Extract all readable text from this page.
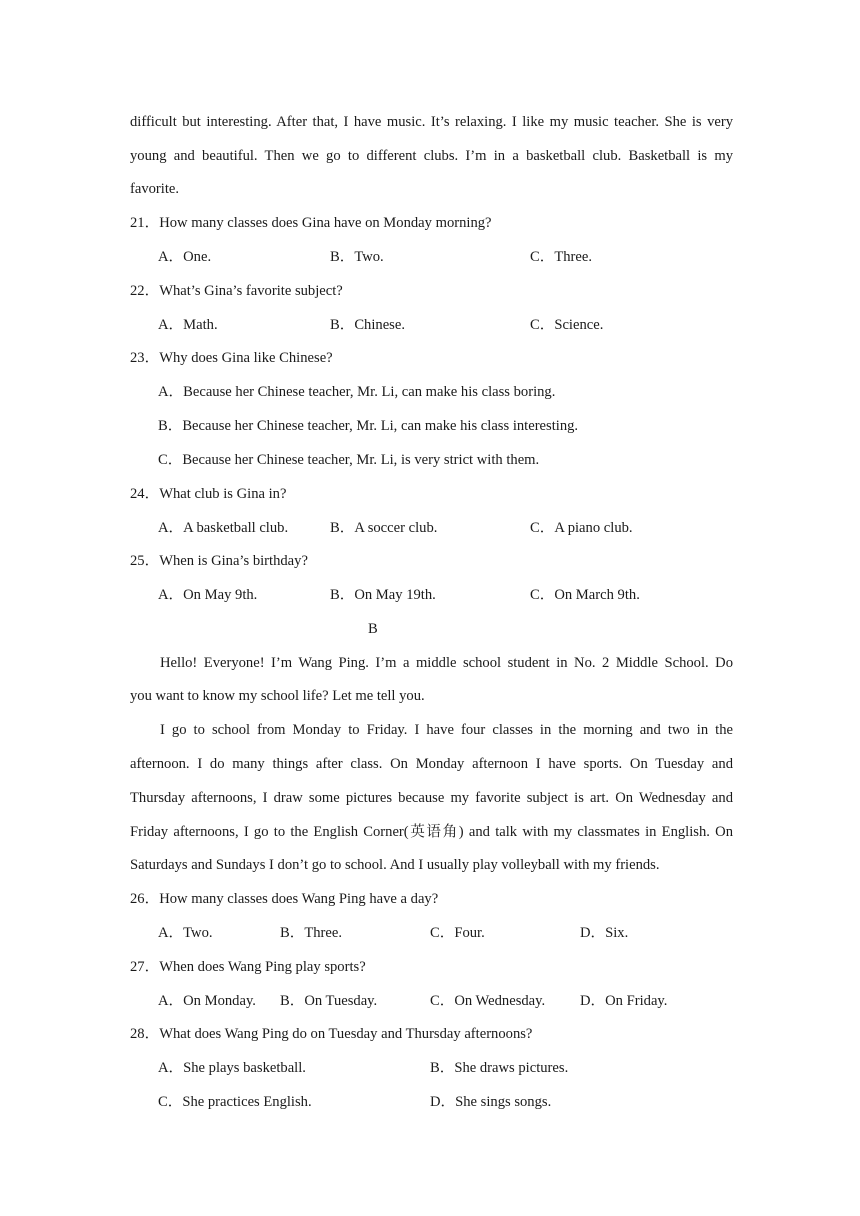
difficult but interesting. After that, I have music. It’s relaxing. I like my music teacher. She is very
young and beautiful. Then we go to different clubs. I’m in a basketball club. Basketball is my
favorite.
21．How many classes does Gina have on Monday morning?
A．One.	B．Two.	C．Three.
22．What’s Gina’s favorite subject?
A．Math.	B．Chinese.	C．Science.
23．Why does Gina like Chinese?
A．Because her Chinese teacher, Mr. Li, can make his class boring.
B．Because her Chinese teacher, Mr. Li, can make his class interesting.
C．Because her Chinese teacher, Mr. Li, is very strict with them.
24．What club is Gina in?
A．A basketball club.	B．A soccer club.	C．A piano club.
25．When is Gina’s birthday?
A．On May 9th.	B．On May 19th.	C．On March 9th.
B
Hello! Everyone! I’m Wang Ping. I’m a middle school student in No. 2 Middle School. Do
you want to know my school life? Let me tell you.
I go to school from Monday to Friday. I have four classes in the morning and two in the
afternoon. I do many things after class. On Monday afternoon I have sports. On Tuesday and
Thursday afternoons, I draw some pictures because my favorite subject is art. On Wednesday and
Friday afternoons, I go to the English Corner(英语角) and talk with my classmates in English. On
Saturdays and Sundays I don’t go to school. And I usually play volleyball with my friends.
26．How many classes does Wang Ping have a day?
A．Two.	B．Three.	C．Four.	D．Six.
27．When does Wang Ping play sports?
A．On Monday. B．On Tuesday.	C．On Wednesday. D．On Friday.
28．What does Wang Ping do on Tuesday and Thursday afternoons?
A．She plays basketball.	B．She draws pictures.
C．She practices English.	D．She sings songs.
